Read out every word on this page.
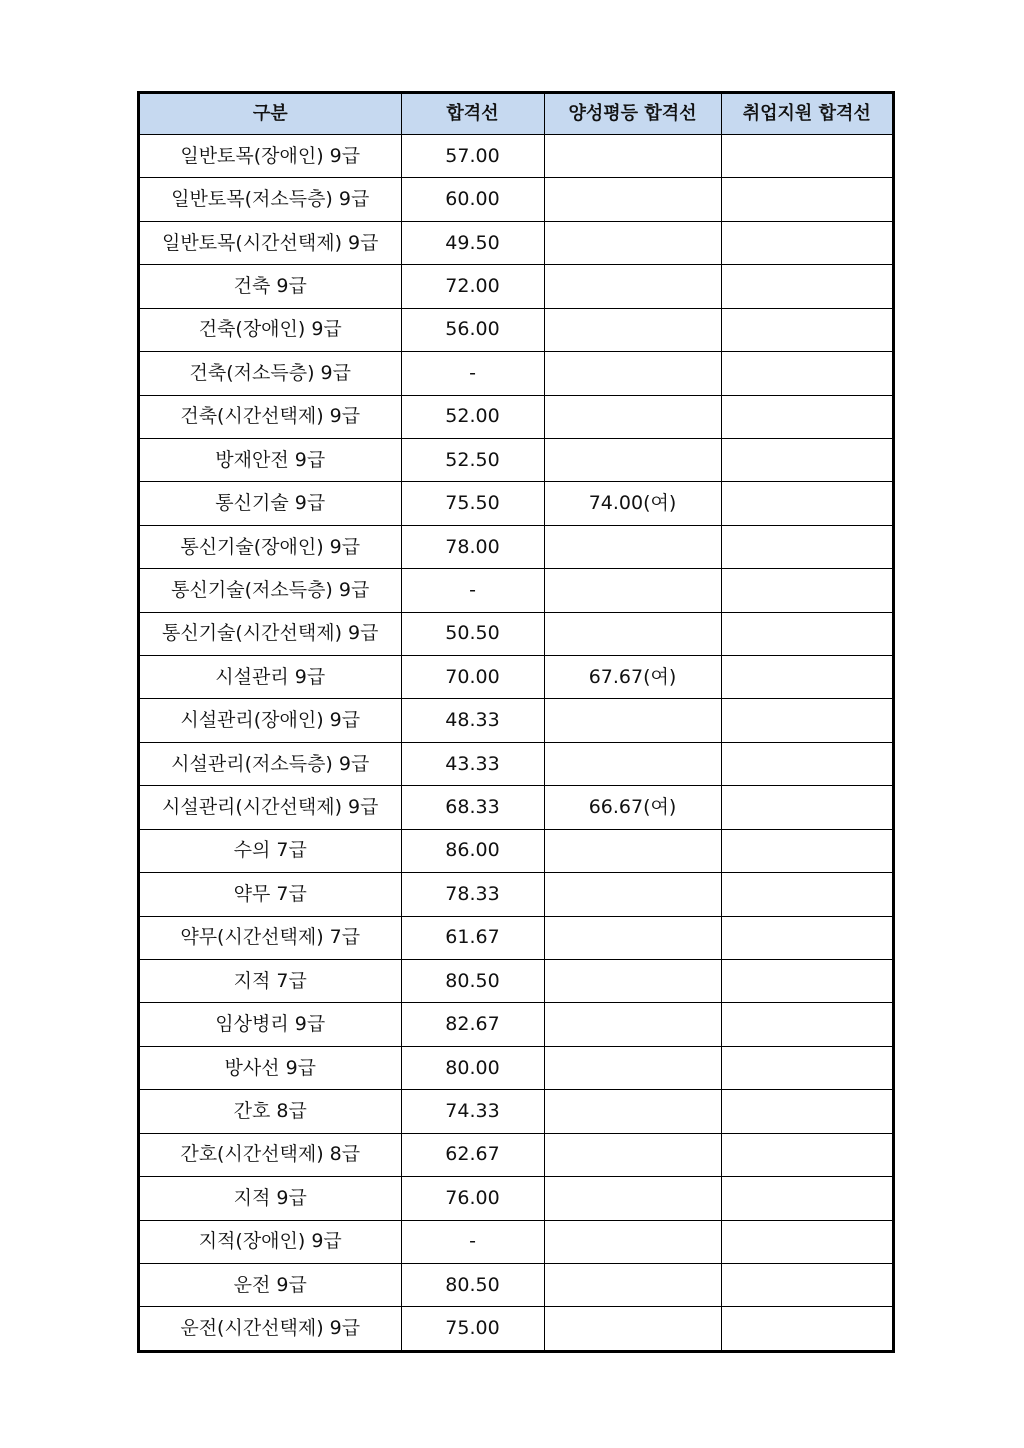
구분	합격선	양성평등 합격선	취업지원 합격선
일반토목(장애인) 9급	57.00		
일반토목(저소득층) 9급	60.00		
일반토목(시간선택제) 9급	49.50		
건축 9급	72.00		
건축(장애인) 9급	56.00		
건축(저소득층) 9급	-		
건축(시간선택제) 9급	52.00		
방재안전 9급	52.50		
통신기술 9급	75.50	74.00(여)	
통신기술(장애인) 9급	78.00		
통신기술(저소득층) 9급	-		
통신기술(시간선택제) 9급	50.50		
시설관리 9급	70.00	67.67(여)	
시설관리(장애인) 9급	48.33		
시설관리(저소득층) 9급	43.33		
시설관리(시간선택제) 9급	68.33	66.67(여)	
수의 7급	86.00		
약무 7급	78.33		
약무(시간선택제) 7급	61.67		
지적 7급	80.50		
임상병리 9급	82.67		
방사선 9급	80.00		
간호 8급	74.33		
간호(시간선택제) 8급	62.67		
지적 9급	76.00		
지적(장애인) 9급	-		
운전 9급	80.50		
운전(시간선택제) 9급	75.00		
